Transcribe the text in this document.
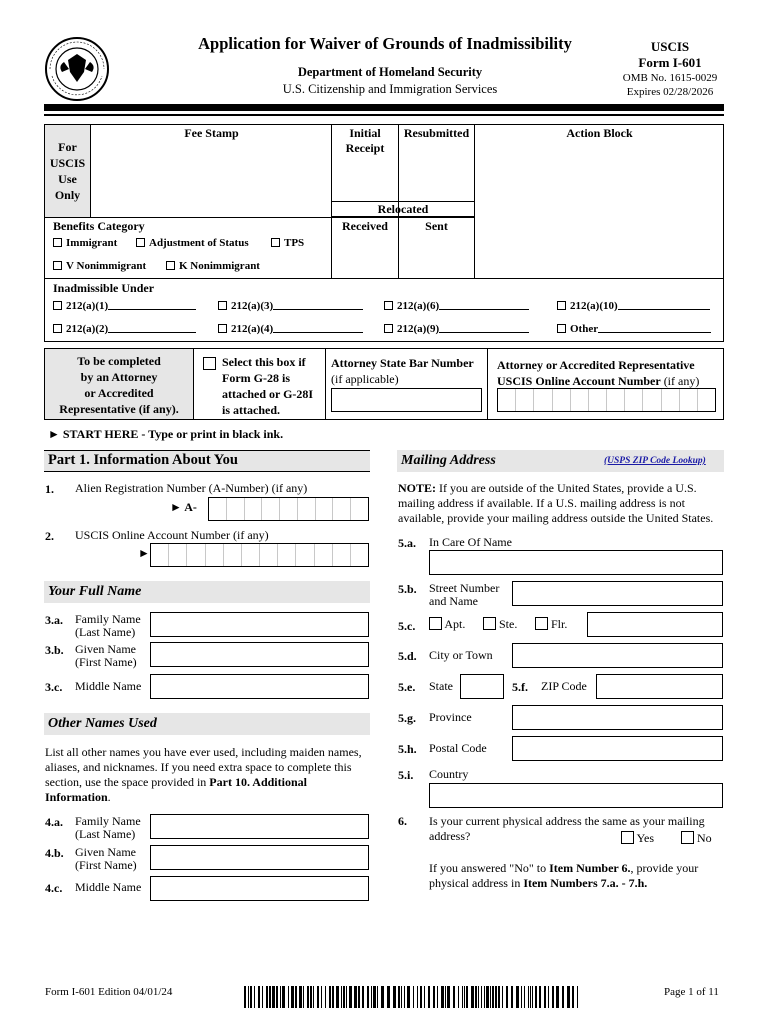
Application for Waiver of Grounds of Inadmissibility
Department of Homeland Security
U.S. Citizenship and Immigration Services
USCIS
Form I-601
OMB No. 1615-0029
Expires 02/28/2026
For
USCIS
Use
Only
Fee Stamp	Initial
Receipt
Resubmitted	Action Block
Relocated
Received	Sent
Benefits Category
Immigrant	Adjustment of Status	TPS
V Nonimmigrant	K Nonimmigrant
Inadmissible Under
212(a)(1)	212(a)(3)	212(a)(6)	212(a)(10)
212(a)(2)	212(a)(4)	212(a)(9)	Other
To be completed
by an Attorney
or Accredited
Representative (if any).
Select this box if
Form G-28 is
attached or G-28I
is attached.
Attorney State Bar Number
(if applicable)
Attorney or Accredited Representative
USCIS Online Account Number (if any)
► START HERE - Type or print in black ink.
Part 1. Information About You
1. Alien Registration Number (A-Number) (if any)
► A-
2. USCIS Online Account Number (if any)
►
Your Full Name
3.a. Family Name
(Last Name)
3.b. Given Name
(First Name)
3.c. Middle Name
Other Names Used
List all other names you have ever used, including maiden names, aliases, and nicknames. If you need extra space to complete this section, use the space provided in Part 10. Additional Information.
4.a. Family Name
(Last Name)
4.b. Given Name
(First Name)
4.c. Middle Name
Mailing Address	(USPS ZIP Code Lookup)
NOTE: If you are outside of the United States, provide a U.S. mailing address if available. If a U.S. mailing address is not available, provide your mailing address outside the United States.
5.a. In Care Of Name
5.b. Street Number
and Name
5.c.	Apt.	Ste.	Flr.
5.d. City or Town
5.e. State	5.f. ZIP Code
5.g. Province
5.h. Postal Code
5.i. Country
6. Is your current physical address the same as your mailing address?	Yes	No
If you answered "No" to Item Number 6., provide your physical address in Item Numbers 7.a. - 7.h.
Form I-601 Edition 04/01/24	Page 1 of 11
